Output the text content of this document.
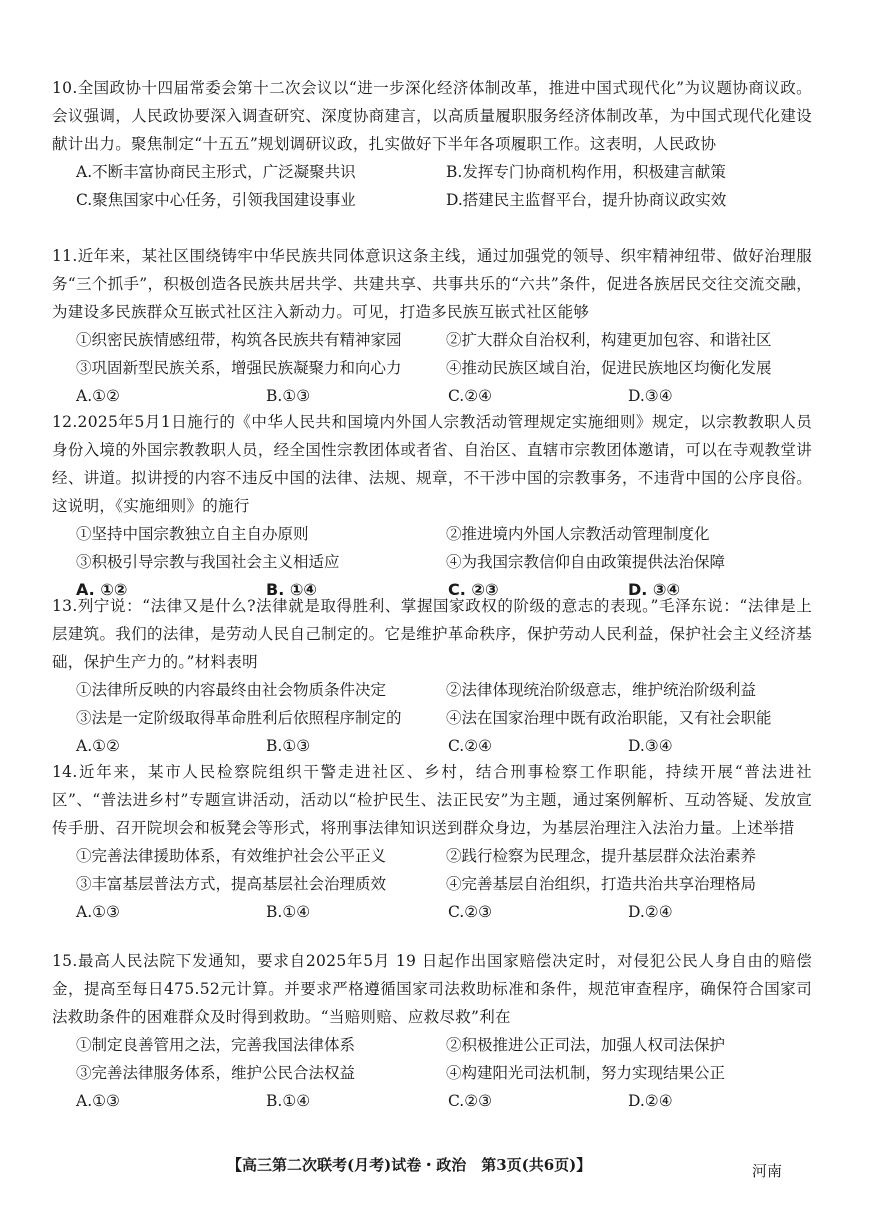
10.全国政协十四届常委会第十二次会议以“进一步深化经济体制改革，推进中国式现代化”为议题协商议政。会议强调，人民政协要深入调查研究、深度协商建言，以高质量履职服务经济体制改革，为中国式现代化建设献计出力。聚焦制定“十五五”规划调研议政，扎实做好下半年各项履职工作。这表明，人民政协

A.不断丰富协商民主形式，广泛凝聚共识	B.发挥专门协商机构作用，积极建言献策
C.聚焦国家中心任务，引领我国建设事业	D.搭建民主监督平台，提升协商议政实效

11.近年来，某社区围绕铸牢中华民族共同体意识这条主线，通过加强党的领导、织牢精神纽带、做好治理服务“三个抓手”，积极创造各民族共居共学、共建共享、共事共乐的“六共”条件，促进各族居民交往交流交融，为建设多民族群众互嵌式社区注入新动力。可见，打造多民族互嵌式社区能够

①织密民族情感纽带，构筑各民族共有精神家园	②扩大群众自治权利，构建更加包容、和谐社区
③巩固新型民族关系，增强民族凝聚力和向心力	④推动民族区域自治，促进民族地区均衡化发展
A.①②	B.①③	C.②④	D.③④

12.2025年5月1日施行的《中华人民共和国境内外国人宗教活动管理规定实施细则》规定，以宗教教职人员身份入境的外国宗教教职人员，经全国性宗教团体或者省、自治区、直辖市宗教团体邀请，可以在寺观教堂讲经、讲道。拟讲授的内容不违反中国的法律、法规、规章，不干涉中国的宗教事务，不违背中国的公序良俗。这说明，《实施细则》的施行

①坚持中国宗教独立自主自办原则	②推进境内外国人宗教活动管理制度化
③积极引导宗教与我国社会主义相适应	④为我国宗教信仰自由政策提供法治保障
A. ①②	B. ①④	C. ②③	D. ③④

13.列宁说：“法律又是什么?法律就是取得胜利、掌握国家政权的阶级的意志的表现。”毛泽东说：“法律是上层建筑。我们的法律，是劳动人民自己制定的。它是维护革命秩序，保护劳动人民利益，保护社会主义经济基础，保护生产力的。”材料表明

①法律所反映的内容最终由社会物质条件决定	②法律体现统治阶级意志，维护统治阶级利益
③法是一定阶级取得革命胜利后依照程序制定的	④法在国家治理中既有政治职能，又有社会职能
A.①②	B.①③	C.②④	D.③④

14.近年来，某市人民检察院组织干警走进社区、乡村，结合刑事检察工作职能，持续开展“普法进社区”、“普法进乡村”专题宣讲活动，活动以“检护民生、法正民安”为主题，通过案例解析、互动答疑、发放宣传手册、召开院坝会和板凳会等形式，将刑事法律知识送到群众身边，为基层治理注入法治力量。上述举措

①完善法律援助体系，有效维护社会公平正义	②践行检察为民理念，提升基层群众法治素养
③丰富基层普法方式，提高基层社会治理质效	④完善基层自治组织，打造共治共享治理格局
A.①③	B.①④	C.②③	D.②④

15.最高人民法院下发通知，要求自2025年5月 19 日起作出国家赔偿决定时，对侵犯公民人身自由的赔偿金，提高至每日475.52元计算。并要求严格遵循国家司法救助标准和条件，规范审查程序，确保符合国家司法救助条件的困难群众及时得到救助。“当赔则赔、应救尽救”利在

①制定良善管用之法，完善我国法律体系	②积极推进公正司法，加强人权司法保护
③完善法律服务体系，维护公民合法权益	④构建阳光司法机制，努力实现结果公正
A.①③	B.①④	C.②③	D.②④
【高三第二次联考(月考)试卷・政治　第3页(共6页)】	河南
